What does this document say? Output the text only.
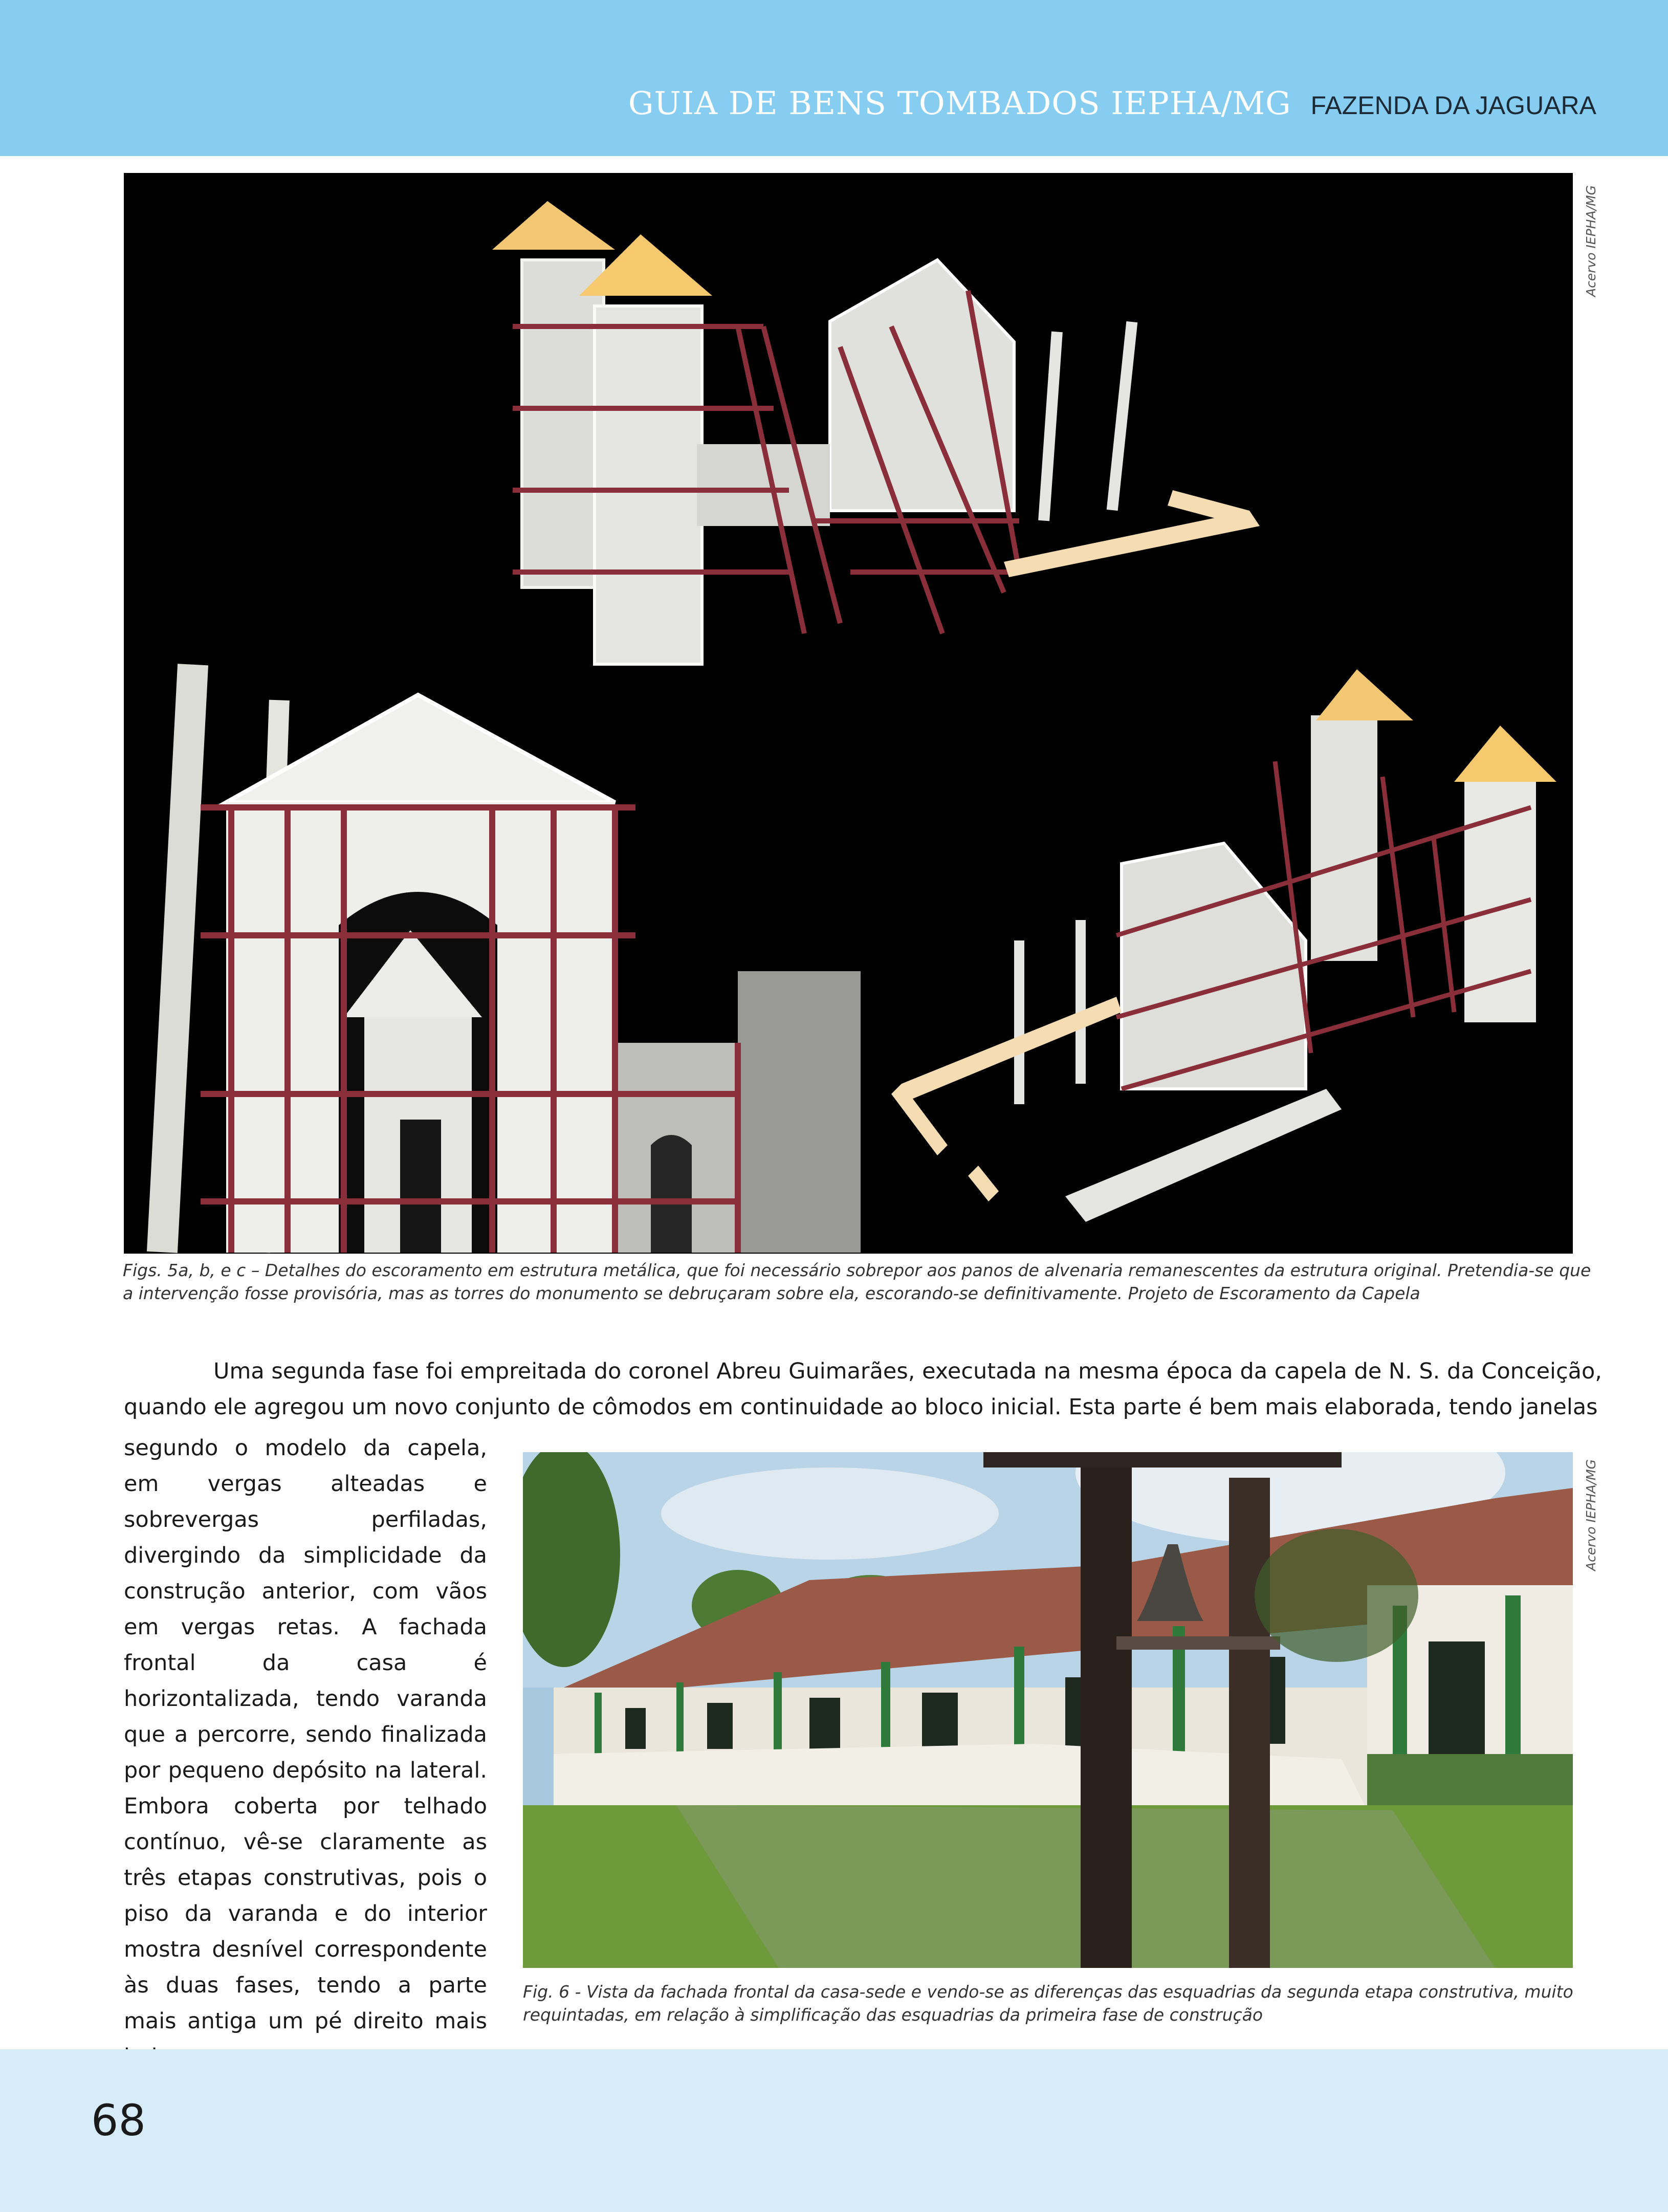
GUIA DE BENS TOMBADOS IEPHA/MG FAZENDA DA JAGUARA
Acervo IEPHA/MG
Figs. 5a, b, e c – Detalhes do escoramento em estrutura metálica, que foi necessário sobrepor aos panos de alvenaria remanescentes da estrutura original. Pretendia-se que
a intervenção fosse provisória, mas as torres do monumento se debruçaram sobre ela, escorando-se definitivamente. Projeto de Escoramento da Capela
Uma segunda fase foi empreitada do coronel Abreu Guimarães, executada na mesma época da capela de N. S. da Conceição,
quando ele agregou um novo conjunto de cômodos em continuidade ao bloco inicial. Esta parte é bem mais elaborada, tendo janelas
segundo o modelo da capela, em vergas alteadas e sobrevergas perfiladas, divergindo da simplicidade da construção anterior, com vãos em vergas retas. A fachada frontal da casa é horizontalizada, tendo varanda que a percorre, sendo finalizada por pequeno depósito na lateral. Embora coberta por telhado contínuo, vê-se claramente as três etapas construtivas, pois o piso da varanda e do interior mostra desnível correspondente às duas fases, tendo a parte mais antiga um pé direito mais
Acervo IEPHA/MG
Fig. 6 - Vista da fachada frontal da casa-sede e vendo-se as diferenças das esquadrias da segunda etapa construtiva, muito
requintadas, em relação à simplificação das esquadrias da primeira fase de construção
68
